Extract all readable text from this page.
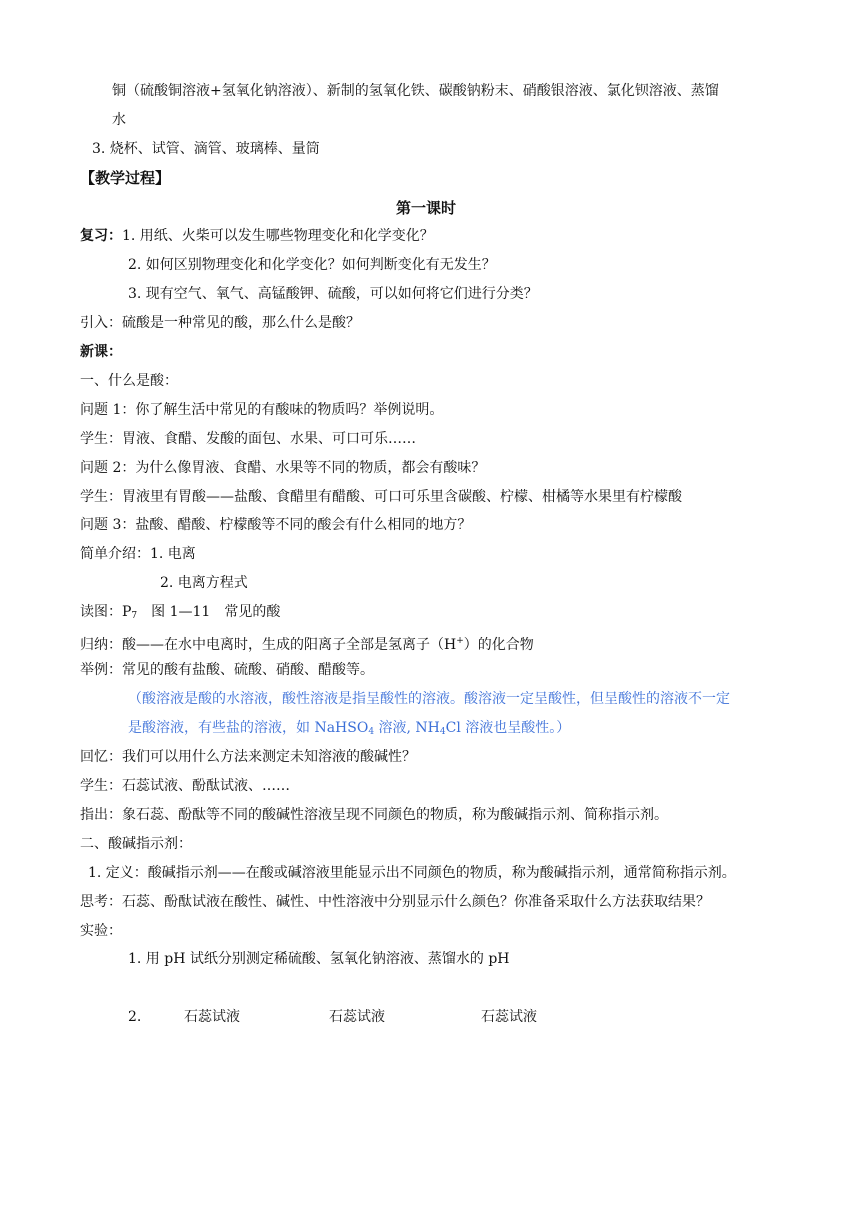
铜（硫酸铜溶液+氢氧化钠溶液）、新制的氢氧化铁、碳酸钠粉末、硝酸银溶液、氯化钡溶液、蒸馏
水
3. 烧杯、试管、滴管、玻璃棒、量筒
【教学过程】
第一课时
复习：1. 用纸、火柴可以发生哪些物理变化和化学变化？
2. 如何区别物理变化和化学变化？如何判断变化有无发生？
3. 现有空气、氧气、高锰酸钾、硫酸，可以如何将它们进行分类？
引入：硫酸是一种常见的酸，那么什么是酸？
新课：
一、什么是酸：
问题 1：你了解生活中常见的有酸味的物质吗？举例说明。
学生：胃液、食醋、发酸的面包、水果、可口可乐……
问题 2：为什么像胃液、食醋、水果等不同的物质，都会有酸味？
学生：胃液里有胃酸——盐酸、食醋里有醋酸、可口可乐里含碳酸、柠檬、柑橘等水果里有柠檬酸
问题 3：盐酸、醋酸、柠檬酸等不同的酸会有什么相同的地方？
简单介绍：1. 电离
2. 电离方程式
读图：$P_7$　图 1—11　常见的酸
归纳：酸——在水中电离时，生成的阳离子全部是氢离子（H+）的化合物
举例：常见的酸有盐酸、硫酸、硝酸、醋酸等。
（酸溶液是酸的水溶液，酸性溶液是指呈酸性的溶液。酸溶液一定呈酸性，但呈酸性的溶液不一定
是酸溶液，有些盐的溶液，如 NaHSO$_4$ 溶液, $NH_4Cl$ 溶液也呈酸性。）
回忆：我们可以用什么方法来测定未知溶液的酸碱性？
学生：石蕊试液、酚酞试液、……
指出：象石蕊、酚酞等不同的酸碱性溶液呈现不同颜色的物质，称为酸碱指示剂、简称指示剂。
二、酸碱指示剂：
1. 定义：酸碱指示剂——在酸或碱溶液里能显示出不同颜色的物质，称为酸碱指示剂，通常简称指示剂。
思考：石蕊、酚酞试液在酸性、碱性、中性溶液中分别显示什么颜色？你准备采取什么方法获取结果？
实验：
1. 用 pH 试纸分别测定稀硫酸、氢氧化钠溶液、蒸馏水的 pH
2.	石蕊试液	石蕊试液	石蕊试液
